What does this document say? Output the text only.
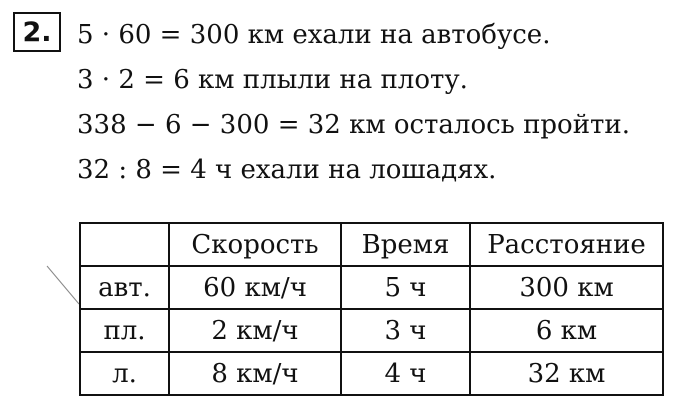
2. 5 · 60 = 300 км ехали на автобусе.
3 · 2 = 6 км плыли на плоту.
338 − 6 − 300 = 32 км осталось пройти.
32 : 8 = 4 ч ехали на лошадях.
	Скорость	Время	Расстояние
авт.	60 км/ч	5 ч	300 км
пл.	2 км/ч	3 ч	6 км
л.	8 км/ч	4 ч	32 км
